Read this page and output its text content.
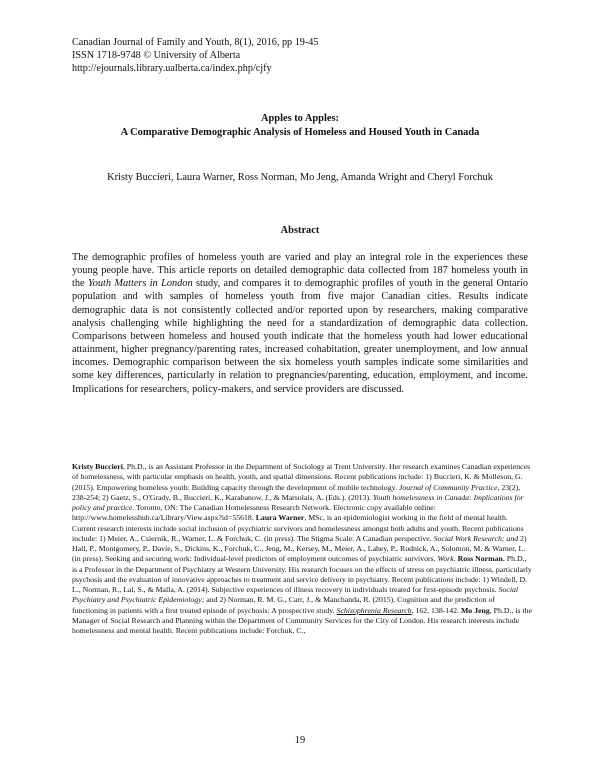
Canadian Journal of Family and Youth, 8(1), 2016, pp 19-45
ISSN 1718-9748 © University of Alberta
http://ejournals.library.ualberta.ca/index.php/cjfy
Apples to Apples:
A Comparative Demographic Analysis of Homeless and Housed Youth in Canada
Kristy Buccieri, Laura Warner, Ross Norman, Mo Jeng, Amanda Wright and Cheryl Forchuk
Abstract
The demographic profiles of homeless youth are varied and play an integral role in the experiences these young people have. This article reports on detailed demographic data collected from 187 homeless youth in the Youth Matters in London study, and compares it to demographic profiles of youth in the general Ontario population and with samples of homeless youth from five major Canadian cities. Results indicate demographic data is not consistently collected and/or reported upon by researchers, making comparative analysis challenging while highlighting the need for a standardization of demographic data collection. Comparisons between homeless and housed youth indicate that the homeless youth had lower educational attainment, higher pregnancy/parenting rates, increased cohabitation, greater unemployment, and low annual incomes. Demographic comparison between the six homeless youth samples indicate some similarities and some key differences, particularly in relation to pregnancies/parenting, education, employment, and income. Implications for researchers, policy-makers, and service providers are discussed.
Kristy Buccieri, Ph.D., is an Assistant Professor in the Department of Sociology at Trent University. Her research examines Canadian experiences of homelessness, with particular emphasis on health, youth, and spatial dimensions. Recent publications include: 1) Buccieri, K. & Molleson, G. (2015). Empowering homeless youth: Building capacity through the development of mobile technology. Journal of Community Practice, 23(2), 238-254; 2) Gaetz, S., O'Grady, B., Buccieri, K., Karabanow, J., & Marsolais, A. (Eds.). (2013). Youth homelessness in Canada: Implications for policy and practice. Toronto, ON: The Canadian Homelessness Research Network. Electronic copy available online: http://www.homelesshub.ca/Library/View.aspx?id=55618. Laura Warner, MSc, is an epidemiologist working in the field of mental health. Current research interests include social inclusion of psychiatric survivors and homelessness amongst both adults and youth. Recent publications include: 1) Meier, A., Csiernik, R., Warner, L. & Forchuk, C. (in press). The Stigma Scale: A Canadian perspective. Social Work Research; and 2) Hall, P., Montgomery, P., Davie, S., Dickins, K., Forchuk, C., Jeng, M., Kersey, M., Meier, A., Lahey, P., Rudnick, A., Solomon, M. & Warner, L. (in press). Seeking and securing work: Individual-level predictors of employment outcomes of psychiatric survivors. Work. Ross Norman, Ph.D., is a Professor in the Department of Psychiatry at Western University. His research focuses on the effects of stress on psychiatric illness, particularly psychosis and the evaluation of innovative approaches to treatment and service delivery in psychiatry. Recent publications include: 1) Windell, D. L., Norman, R., Lal, S., & Malla, A. (2014). Subjective experiences of illness recovery in individuals treated for first-episode psychosis. Social Psychiatry and Psychiatric Epidemiology; and 2) Norman, R. M. G., Carr, J., & Manchanda, R. (2015). Cognition and the prediction of functioning in patients with a first treated episode of psychosis: A prospective study. Schizophrenia Research, 162, 138-142. Mo Jeng, Ph.D., is the Manager of Social Research and Planning within the Department of Community Services for the City of London. His research interests include homelessness and mental health. Recent publications include: Forchuk, C.,
19
